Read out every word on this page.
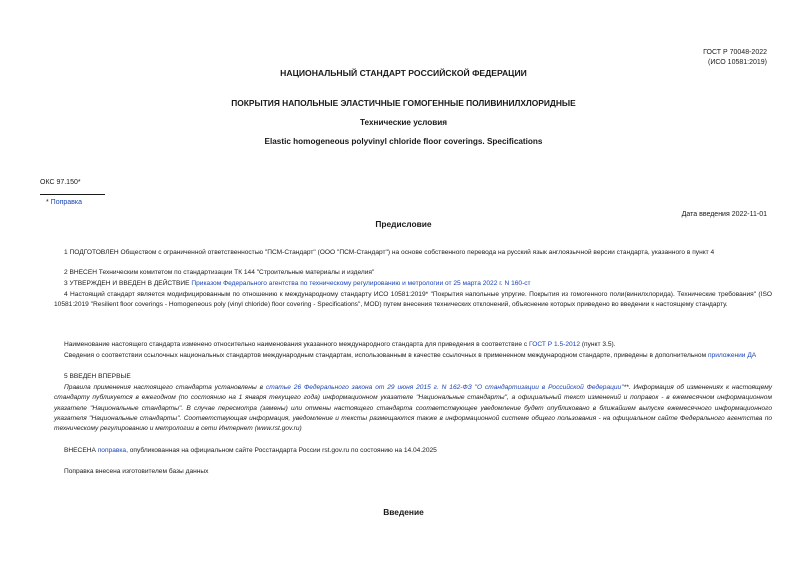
ГОСТ Р 70048-2022
(ИСО 10581:2019)
НАЦИОНАЛЬНЫЙ СТАНДАРТ РОССИЙСКОЙ ФЕДЕРАЦИИ
ПОКРЫТИЯ НАПОЛЬНЫЕ ЭЛАСТИЧНЫЕ ГОМОГЕННЫЕ ПОЛИВИНИЛХЛОРИДНЫЕ
Технические условия
Elastic homogeneous polyvinyl chloride floor coverings. Specifications
ОКС 97.150*
* Поправка
Дата введения 2022-11-01
Предисловие
1 ПОДГОТОВЛЕН Обществом с ограниченной ответственностью "ПСМ-Стандарт" (ООО "ПСМ-Стандарт") на основе собственного перевода на русский язык англоязычной версии стандарта, указанного в пункт 4
2 ВНЕСЕН Техническим комитетом по стандартизации ТК 144 "Строительные материалы и изделия"
3 УТВЕРЖДЕН И ВВЕДЕН В ДЕЙСТВИЕ Приказом Федерального агентства по техническому регулированию и метрологии от 25 марта 2022 г. N 160-ст
4 Настоящий стандарт является модифицированным по отношению к международному стандарту ИСО 10581:2019* "Покрытия напольные упругие. Покрытия из гомогенного поли(винилхлорида). Технические требования" (ISO 10581:2019 "Resilient floor coverings - Homogeneous poly (vinyl chloride) floor covering - Specifications", MOD) путем внесения технических отклонений, объяснение которых приведено во введении к настоящему стандарту.
Наименование настоящего стандарта изменено относительно наименования указанного международного стандарта для приведения в соответствие с ГОСТ Р 1.5-2012 (пункт 3.5).
Сведения о соответствии ссылочных национальных стандартов международным стандартам, использованным в качестве ссылочных в примененном международном стандарте, приведены в дополнительном приложении ДА
5 ВВЕДЕН ВПЕРВЫЕ
Правила применения настоящего стандарта установлены в статье 26 Федерального закона от 29 июня 2015 г. N 162-ФЗ "О стандартизации в Российской Федерации"**. Информация об изменениях к настоящему стандарту публикуется в ежегодном (по состоянию на 1 января текущего года) информационном указателе "Национальные стандарты", а официальный текст изменений и поправок - в ежемесячном информационном указателе "Национальные стандарты". В случае пересмотра (замены) или отмены настоящего стандарта соответствующее уведомление будет опубликовано в ближайшем выпуске ежемесячного информационного указателя "Национальные стандарты". Соответствующая информация, уведомление и тексты размещаются также в информационной системе общего пользования - на официальном сайте Федерального агентства по техническому регулированию и метрологии в сети Интернет (www.rst.gov.ru)
ВНЕСЕНА поправка, опубликованная на официальном сайте Росстандарта России rst.gov.ru по состоянию на 14.04.2025
Поправка внесена изготовителем базы данных
Введение
